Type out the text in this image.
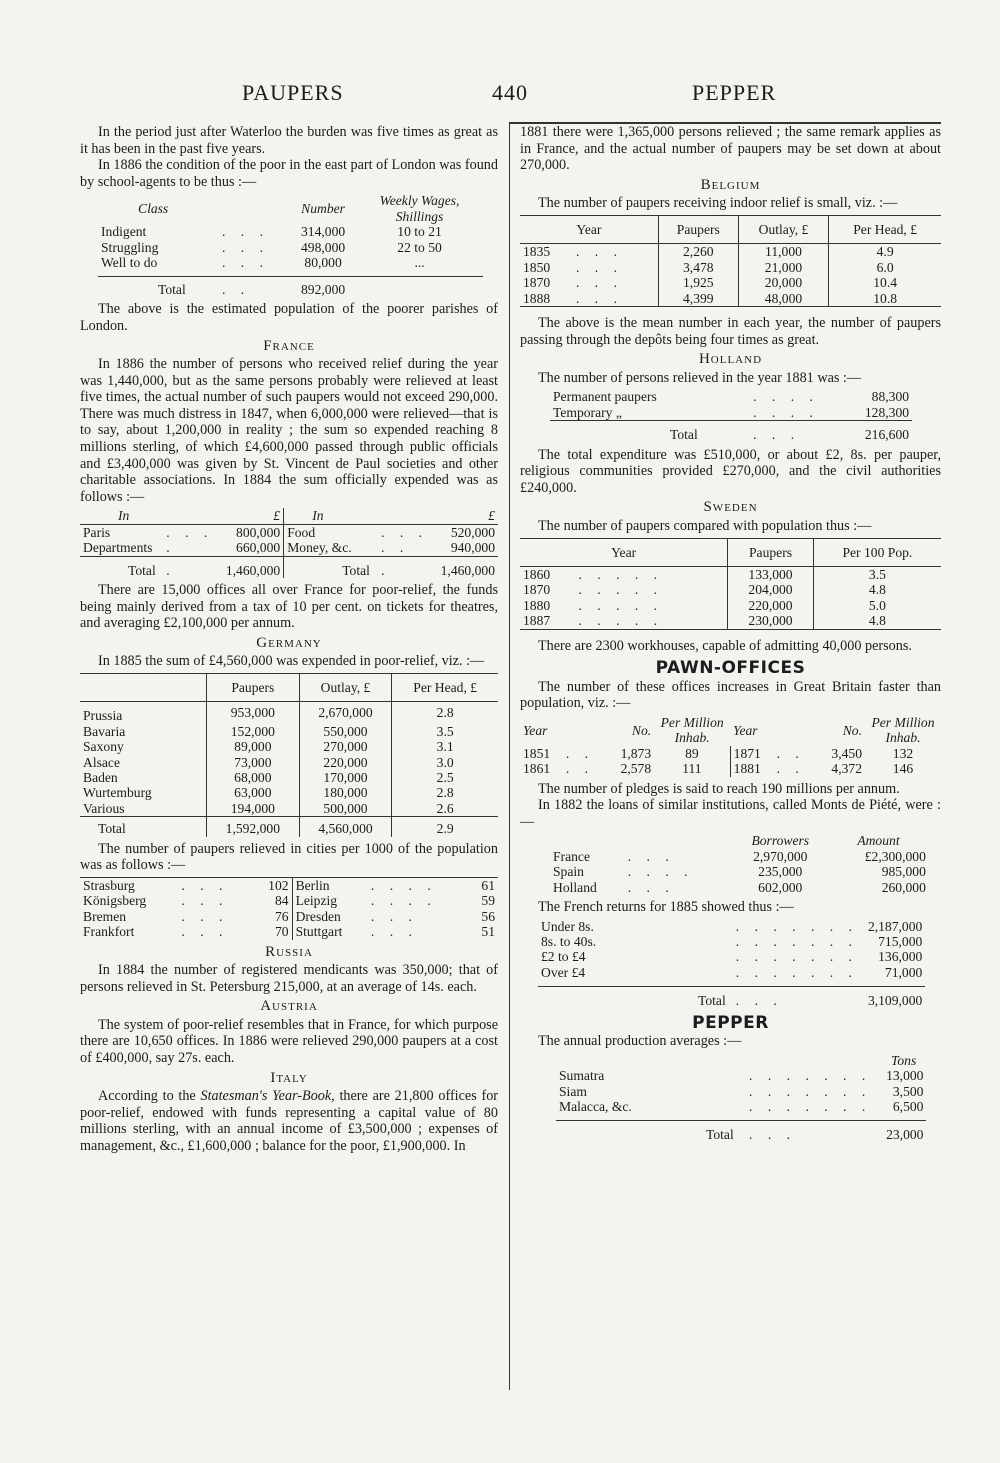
PAUPERS	440	PEPPER

In the period just after Waterloo the burden was five times as great as it has been in the past five years.

In 1886 the condition of the poor in the east part of London was found by school-agents to be thus :—

Class		Number	Weekly Wages, Shillings
Indigent	. . .	314,000	10 to 21
Struggling	. . .	498,000	22 to 50
Well to do	. . .	80,000	...

Total	. .	892,000	

The above is the estimated population of the poorer parishes of London.

France

In 1886 the number of persons who received relief during the year was 1,440,000, but as the same persons probably were relieved at least five times, the actual number of such paupers would not exceed 290,000. There was much distress in 1847, when 6,000,000 were relieved—that is to say, about 1,200,000 in reality ; the sum so expended reaching 8 millions sterling, of which £4,600,000 passed through public officials and £3,400,000 was given by St. Vincent de Paul societies and other charitable associations. In 1884 the sum officially expended was as follows :—

In		£	In		£
Paris	. . .	800,000	Food	. . .	520,000
Departments	.	660,000	Money, &c.	. .	940,000
Total	.	1,460,000	Total	.	1,460,000

There are 15,000 offices all over France for poor-relief, the funds being mainly derived from a tax of 10 per cent. on tickets for theatres, and averaging £2,100,000 per annum.

Germany

In 1885 the sum of £4,560,000 was expended in poor-relief, viz. :—

	Paupers	Outlay, £	Per Head, £
Prussia	953,000	2,670,000	2.8
Bavaria	152,000	550,000	3.5
Saxony	89,000	270,000	3.1
Alsace	73,000	220,000	3.0
Baden	68,000	170,000	2.5
Wurtemburg	63,000	180,000	2.8
Various	194,000	500,000	2.6
Total	1,592,000	4,560,000	2.9

The number of paupers relieved in cities per 1000 of the population was as follows :—

Strasburg	. . .	102	Berlin	. . . .	61
Königsberg	. . .	84	Leipzig	. . . .	59
Bremen	. . .	76	Dresden	. . .	56
Frankfort	. . .	70	Stuttgart	. . .	51
Russia

In 1884 the number of registered mendicants was 350,000; that of persons relieved in St. Petersburg 215,000, at an average of 14s. each.

Austria

The system of poor-relief resembles that in France, for which purpose there are 10,650 offices. In 1886 were relieved 290,000 paupers at a cost of £400,000, say 27s. each.

Italy

According to the Statesman's Year-Book, there are 21,800 offices for poor-relief, endowed with funds representing a capital value of 80 millions sterling, with an annual income of £3,500,000 ; expenses of management, &c., £1,600,000 ; balance for the poor, £1,900,000. In

1881 there were 1,365,000 persons relieved ; the same remark applies as in France, and the actual number of paupers may be set down at about 270,000.

Belgium

The number of paupers receiving indoor relief is small, viz. :—

Year		Paupers	Outlay, £	Per Head, £
1835	. . .	2,260	11,000	4.9
1850	. . .	3,478	21,000	6.0
1870	. . .	1,925	20,000	10.4
1888	. . .	4,399	48,000	10.8

The above is the mean number in each year, the number of paupers passing through the depôts being four times as great.

Holland

The number of persons relieved in the year 1881 was :—

Permanent paupers	. . . .	88,300
Temporary „	. . . .	128,300
Total	. . .	216,600

The total expenditure was £510,000, or about £2, 8s. per pauper, religious communities provided £270,000, and the civil authorities £240,000.

Sweden

The number of paupers compared with population thus :—

Year		Paupers	Per 100 Pop.
1860	. . . . .	133,000	3.5
1870	. . . . .	204,000	4.8
1880	. . . . .	220,000	5.0
1887	. . . . .	230,000	4.8

There are 2300 workhouses, capable of admitting 40,000 persons.

PAWN-OFFICES

The number of these offices increases in Great Britain faster than population, viz. :—

Year		No.	Per Million Inhab.	Year		No.	Per Million Inhab.
1851	. .	1,873	89	1871	. .	3,450	132
1861	. .	2,578	111	1881	. .	4,372	146

The number of pledges is said to reach 190 millions per annum.

In 1882 the loans of similar institutions, called Monts de Piété, were :—

		Borrowers	Amount
France	. . .	2,970,000	£2,300,000
Spain	. . . .	235,000	985,000
Holland	. . .	602,000	260,000

The French returns for 1885 showed thus :—

Under 8s.	. . . . . . .	2,187,000
8s. to 40s.	. . . . . . .	715,000
£2 to £4	. . . . . . .	136,000
Over £4	. . . . . . .	71,000

Total	. . .	3,109,000
PEPPER

The annual production averages :—

		Tons
Sumatra	. . . . . . .	13,000
Siam	. . . . . . .	3,500
Malacca, &c.	. . . . . . .	6,500

Total	. . .	23,000
